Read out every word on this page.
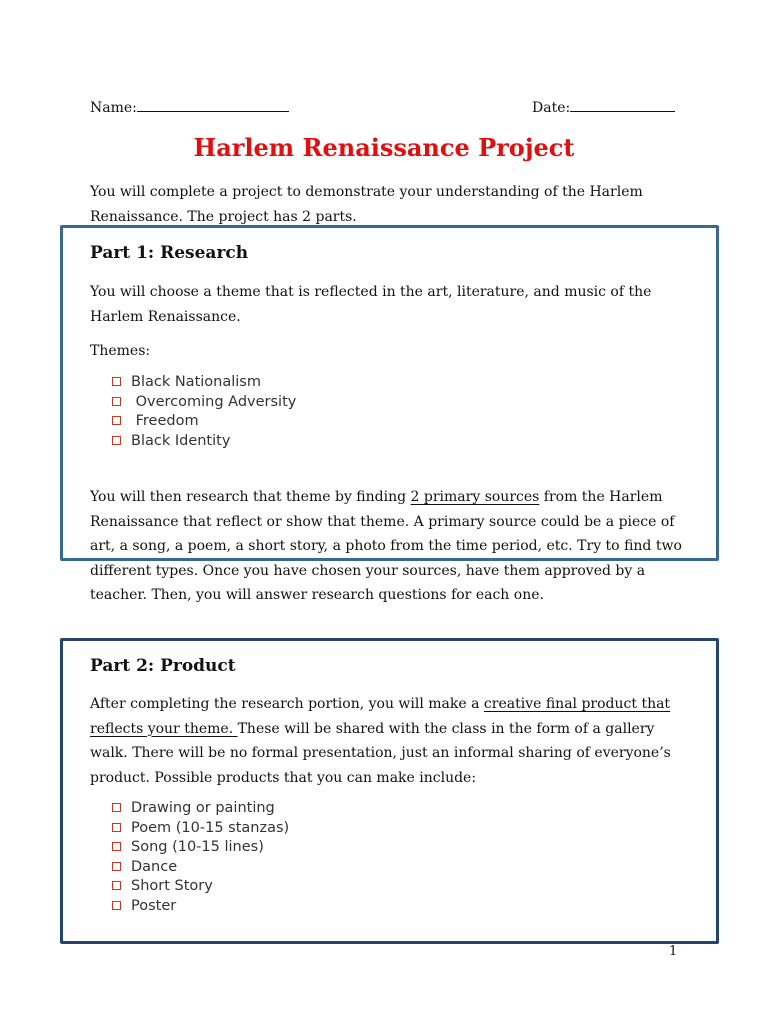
Name:	Date:
Harlem Renaissance Project
You will complete a project to demonstrate your understanding of the Harlem
Renaissance. The project has 2 parts.
Part 1: Research
You will choose a theme that is reflected in the art, literature, and music of the
Harlem Renaissance.
Themes:
Black Nationalism
Overcoming Adversity
Freedom
Black Identity
You will then research that theme by finding 2 primary sources from the Harlem
Renaissance that reflect or show that theme. A primary source could be a piece of
art, a song, a poem, a short story, a photo from the time period, etc. Try to find two
different types. Once you have chosen your sources, have them approved by a
teacher. Then, you will answer research questions for each one.
Part 2: Product
After completing the research portion, you will make a creative final product that
reflects your theme. These will be shared with the class in the form of a gallery
walk. There will be no formal presentation, just an informal sharing of everyone’s
product. Possible products that you can make include:
Drawing or painting
Poem (10-15 stanzas)
Song (10-15 lines)
Dance
Short Story
Poster
1
